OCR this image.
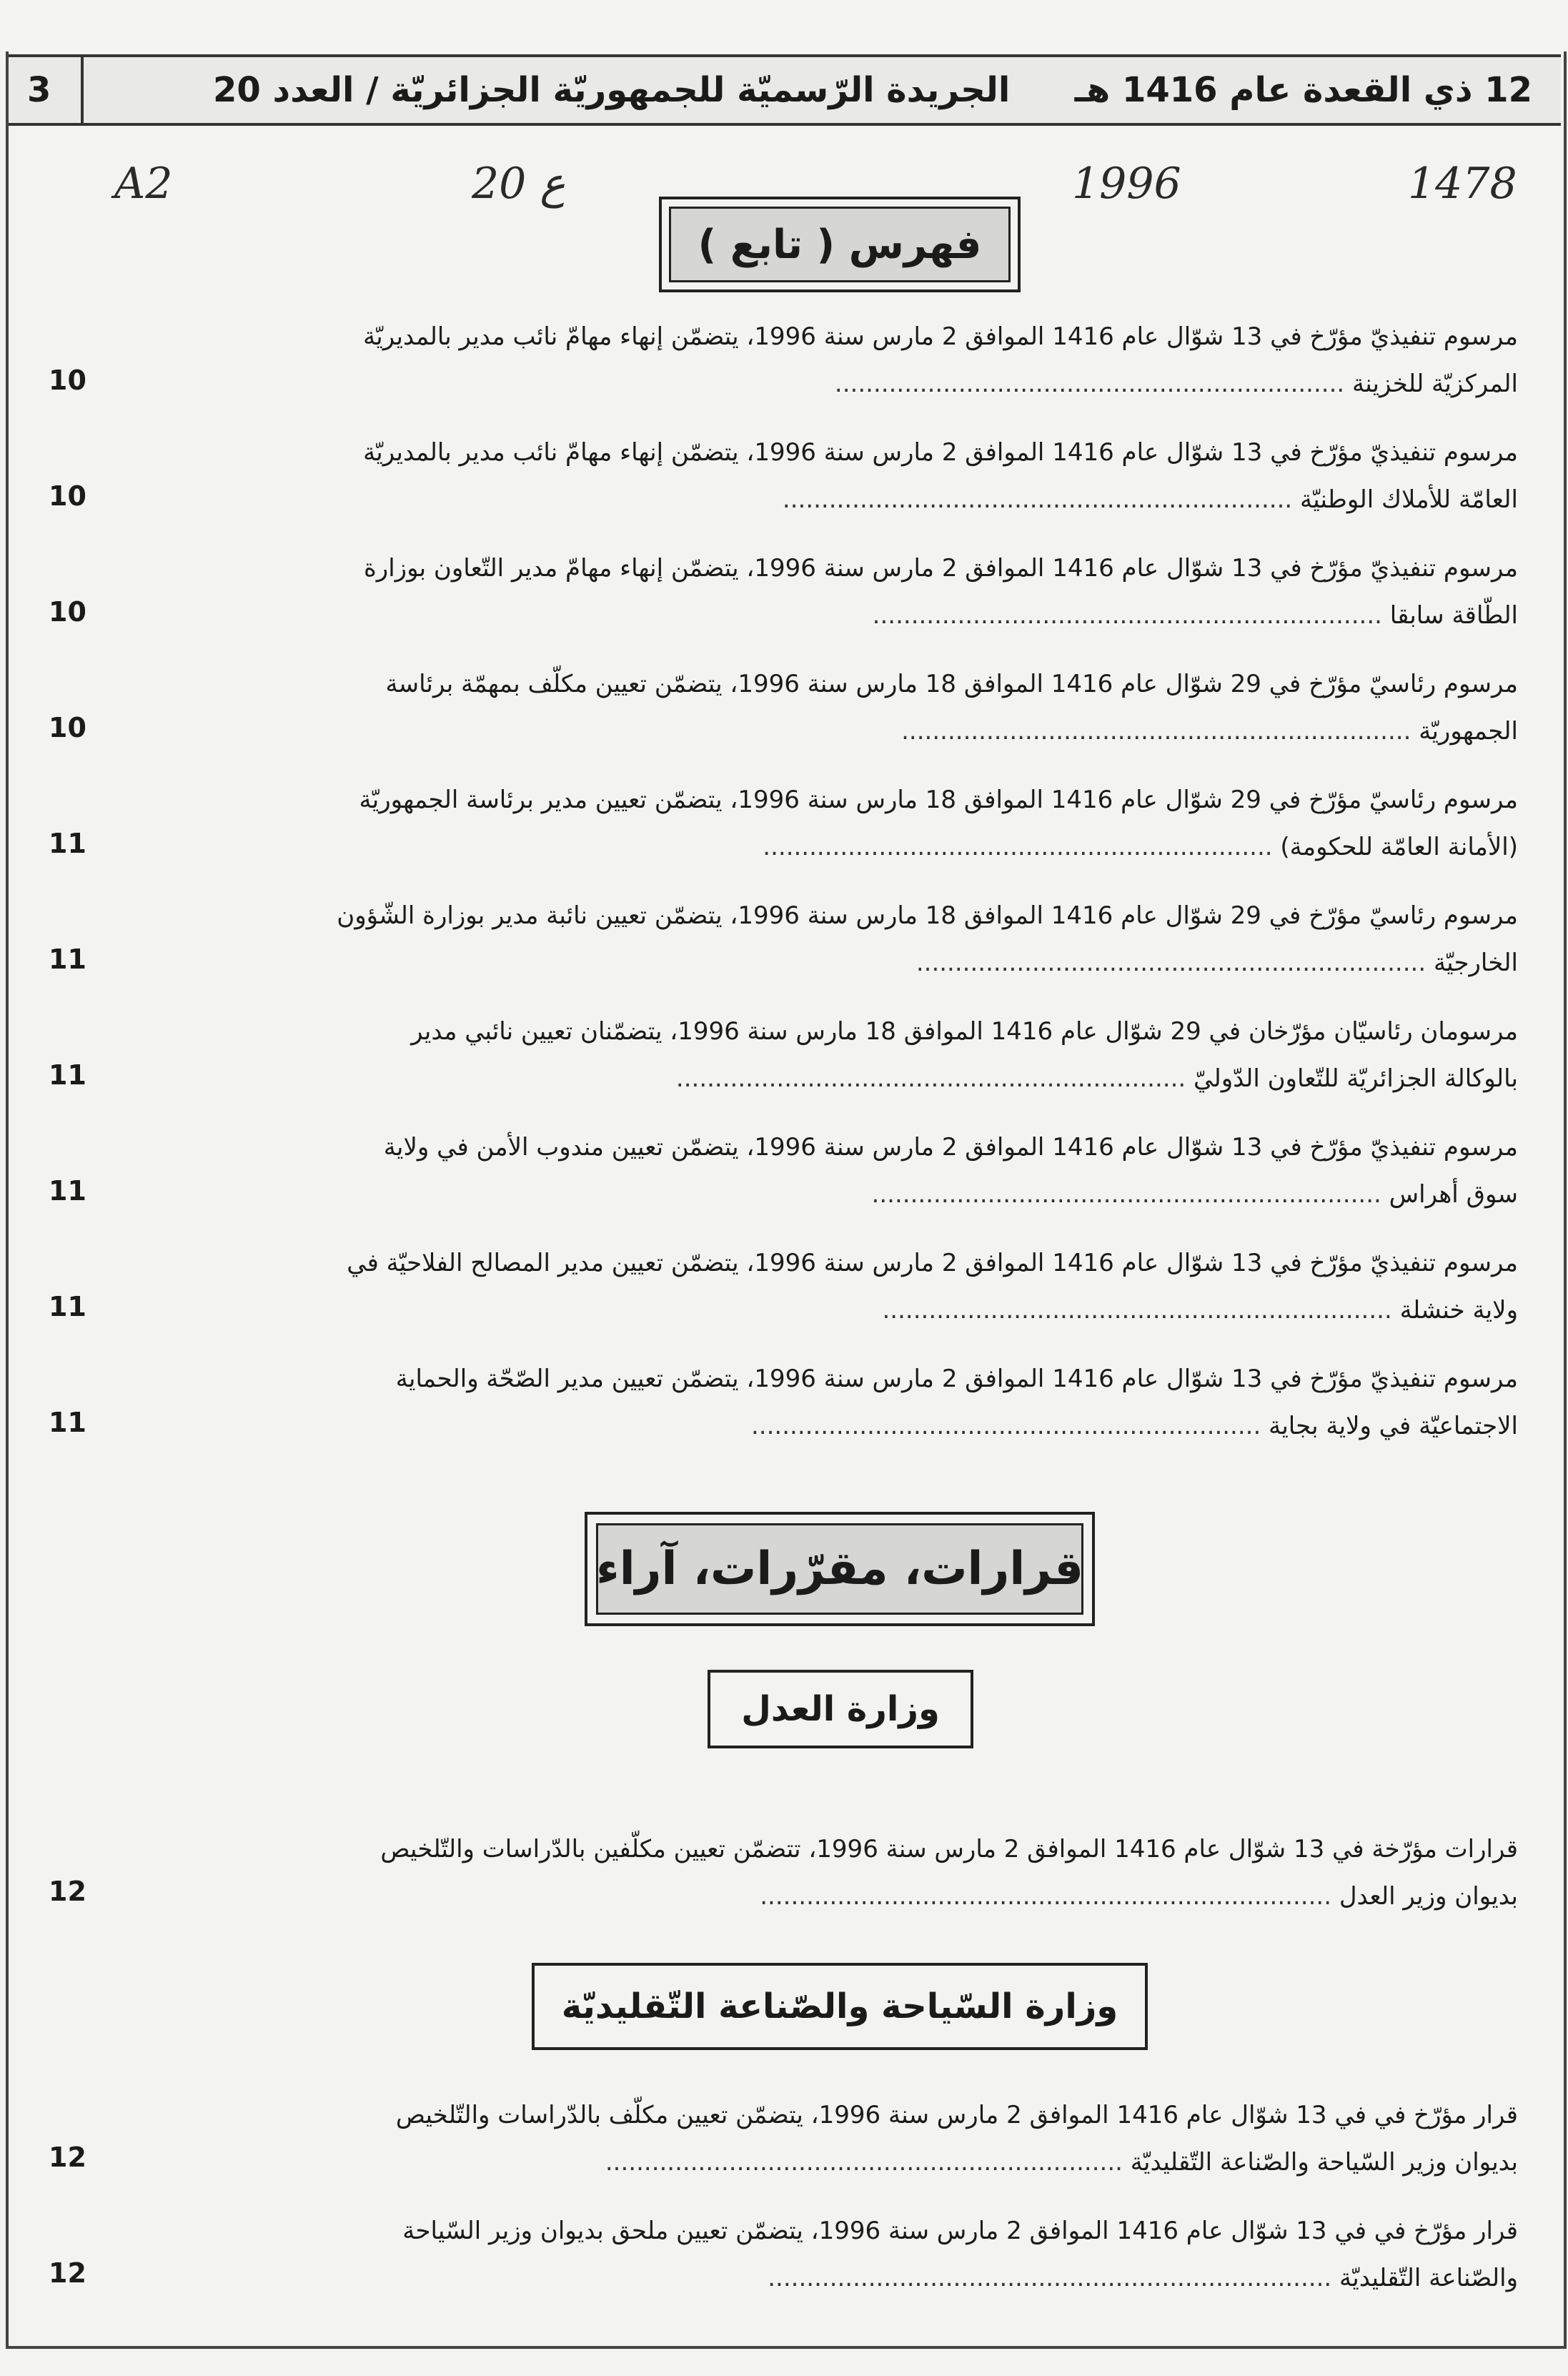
12 ذي القعدة عام 1416 هـ
الجريدة الرّسميّة للجمهوريّة الجزائريّة / العدد 20
3
A2	20 ع	1996	1478
فهرس ( تابع )
مرسوم تنفيذيّ مؤرّخ في 13 شوّال عام 1416 الموافق 2 مارس سنة 1996، يتضمّن إنهاء مهامّ نائب مدير بالمديريّة

المركزيّة للخزينة ..................................................................
10
مرسوم تنفيذيّ مؤرّخ في 13 شوّال عام 1416 الموافق 2 مارس سنة 1996، يتضمّن إنهاء مهامّ نائب مدير بالمديريّة

العامّة للأملاك الوطنيّة ..................................................................
10
مرسوم تنفيذيّ مؤرّخ في 13 شوّال عام 1416 الموافق 2 مارس سنة 1996، يتضمّن إنهاء مهامّ مدير التّعاون بوزارة

الطّاقة سابقا ..................................................................
10
مرسوم رئاسيّ مؤرّخ في 29 شوّال عام 1416 الموافق 18 مارس سنة 1996، يتضمّن تعيين مكلّف بمهمّة برئاسة

الجمهوريّة ..................................................................
10
مرسوم رئاسيّ مؤرّخ في 29 شوّال عام 1416 الموافق 18 مارس سنة 1996، يتضمّن تعيين مدير برئاسة الجمهوريّة

(الأمانة العامّة للحكومة) ..................................................................
11
مرسوم رئاسيّ مؤرّخ في 29 شوّال عام 1416 الموافق 18 مارس سنة 1996، يتضمّن تعيين نائبة مدير بوزارة الشّؤون

الخارجيّة ..................................................................
11
مرسومان رئاسيّان مؤرّخان في 29 شوّال عام 1416 الموافق 18 مارس سنة 1996، يتضمّنان تعيين نائبي مدير

بالوكالة الجزائريّة للتّعاون الدّوليّ ..................................................................
11
مرسوم تنفيذيّ مؤرّخ في 13 شوّال عام 1416 الموافق 2 مارس سنة 1996، يتضمّن تعيين مندوب الأمن في ولاية

سوق أهراس ..................................................................
11
مرسوم تنفيذيّ مؤرّخ في 13 شوّال عام 1416 الموافق 2 مارس سنة 1996، يتضمّن تعيين مدير المصالح الفلاحيّة في

ولاية خنشلة ..................................................................
11
مرسوم تنفيذيّ مؤرّخ في 13 شوّال عام 1416 الموافق 2 مارس سنة 1996، يتضمّن تعيين مدير الصّحّة والحماية

الاجتماعيّة في ولاية بجاية ..................................................................
11
قرارات، مقرّرات، آراء
وزارة العدل
قرارات مؤرّخة في 13 شوّال عام 1416 الموافق 2 مارس سنة 1996، تتضمّن تعيين مكلّفين بالدّراسات والتّلخيص

بديوان وزير العدل ..........................................................................
12
وزارة السّياحة والصّناعة التّقليديّة
قرار مؤرّخ في في 13 شوّال عام 1416 الموافق 2 مارس سنة 1996، يتضمّن تعيين مكلّف بالدّراسات والتّلخيص

بديوان وزير السّياحة والصّناعة التّقليديّة ...................................................................
12
قرار مؤرّخ في في 13 شوّال عام 1416 الموافق 2 مارس سنة 1996، يتضمّن تعيين ملحق بديوان وزير السّياحة

والصّناعة التّقليديّة .........................................................................
12
